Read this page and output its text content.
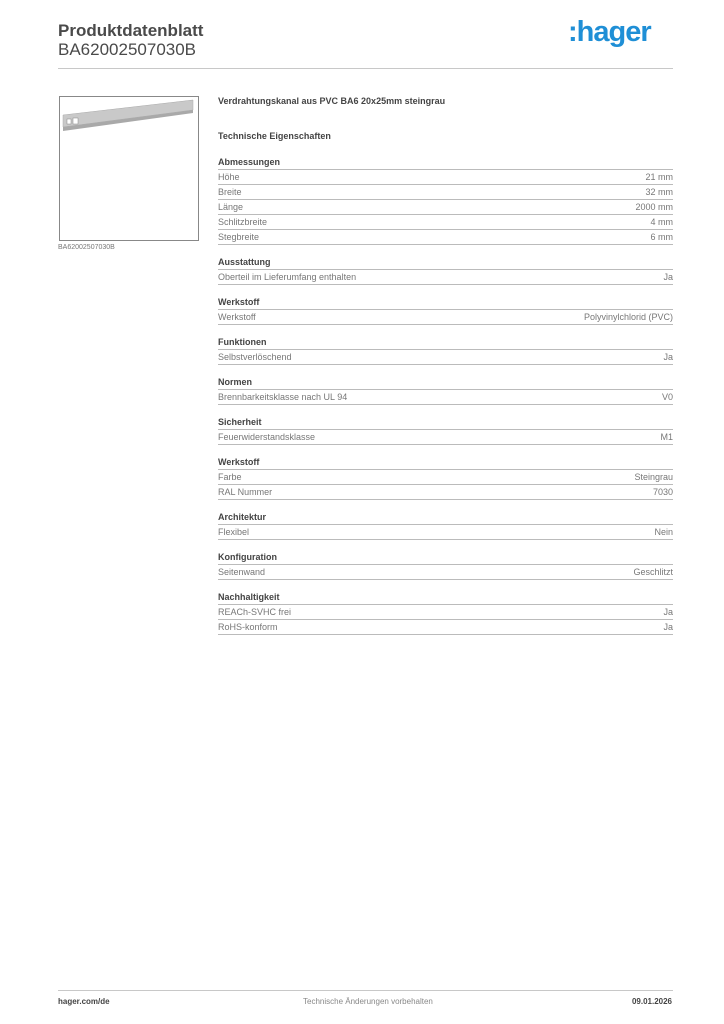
Produktdatenblatt
BA62002507030B
:hager
BA62002507030B
Verdrahtungskanal aus PVC BA6 20x25mm steingrau
Technische Eigenschaften
Abmessungen
Höhe	21 mm
Breite	32 mm
Länge	2000 mm
Schlitzbreite	4 mm
Stegbreite	6 mm
Ausstattung
Oberteil im Lieferumfang enthalten	Ja
Werkstoff
Werkstoff	Polyvinylchlorid (PVC)
Funktionen
Selbstverlöschend	Ja
Normen
Brennbarkeitsklasse nach UL 94	V0
Sicherheit
Feuerwiderstandsklasse	M1
Werkstoff
Farbe	Steingrau
RAL Nummer	7030
Architektur
Flexibel	Nein
Konfiguration
Seitenwand	Geschlitzt
Nachhaltigkeit
REACh-SVHC frei	Ja
RoHS-konform	Ja
hager.com/de	Technische Änderungen vorbehalten	09.01.2026
